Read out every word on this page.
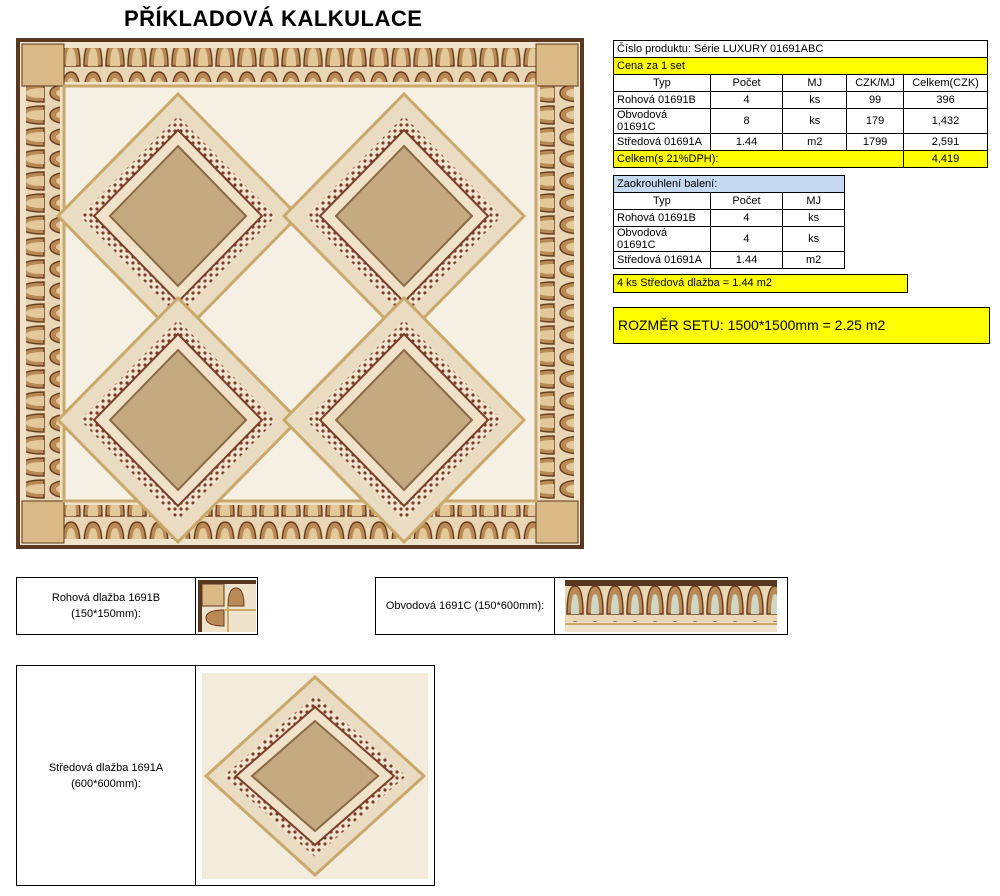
PŘÍKLADOVÁ KALKULACE
Číslo produktu: Série LUXURY 01691ABC				
Cena za 1 set				
Typ	Počet	MJ	CZK/MJ	Celkem(CZK)
Rohová 01691B	4	ks	99	396
Obvodová 01691C	8	ks	179	1,432
Středová 01691A	1.44	m2	1799	2,591
Celkem(s 21%DPH):				4,419
Zaokrouhlení balení:		
Typ	Počet	MJ
Rohová 01691B	4	ks
Obvodová 01691C	4	ks
Středová 01691A	1.44	m2
4 ks Středová dlažba = 1.44 m2
ROZMĚR SETU: 1500*1500mm = 2.25 m2
Rohová dlažba 1691B
(150*150mm):
Obvodová 1691C (150*600mm):
Středová dlažba 1691A
(600*600mm):
